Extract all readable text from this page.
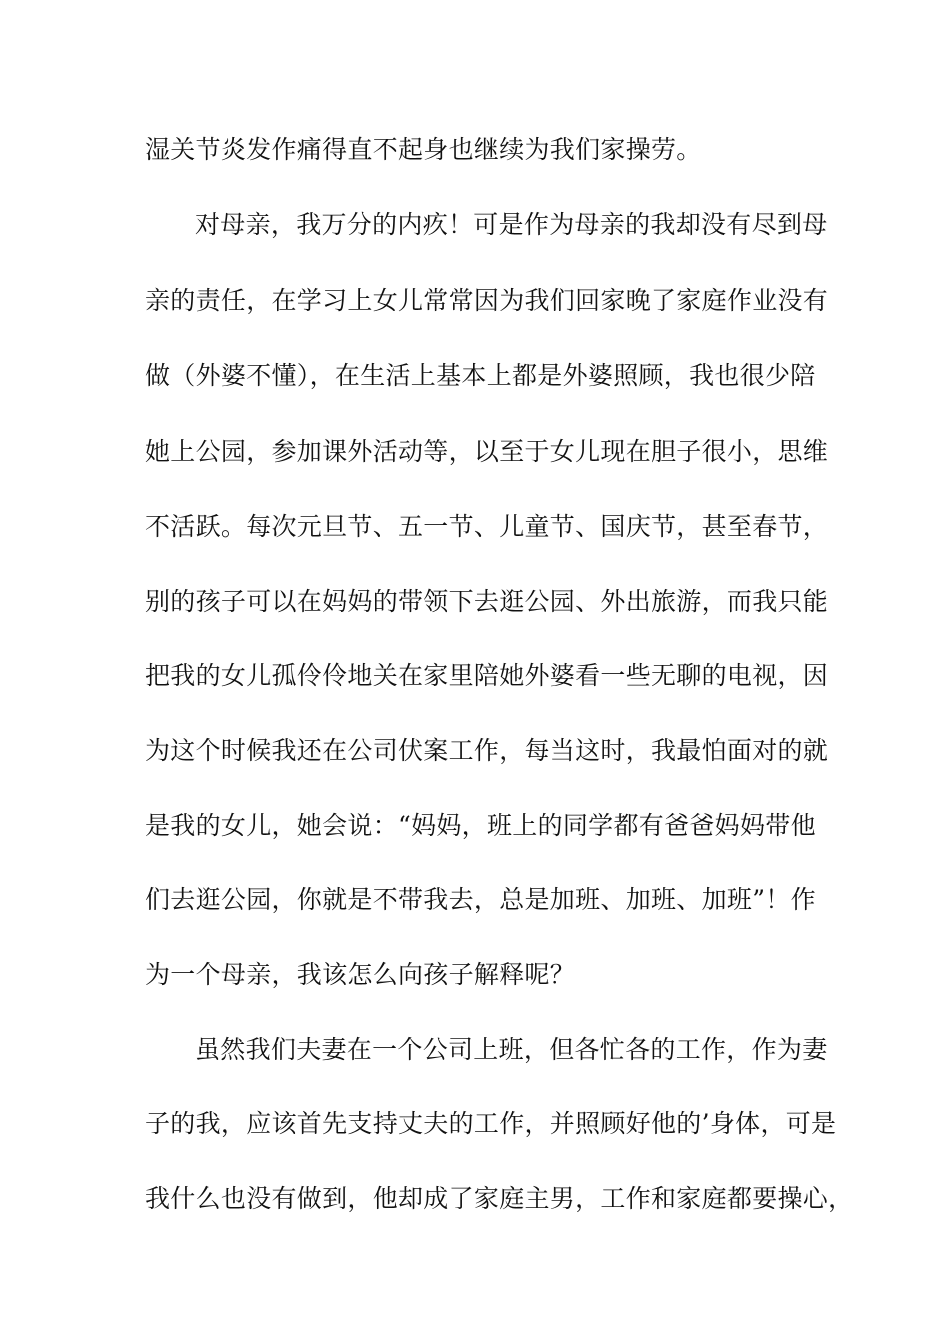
湿关节炎发作痛得直不起身也继续为我们家操劳。
对母亲，我万分的内疚！可是作为母亲的我却没有尽到母
亲的责任，在学习上女儿常常因为我们回家晚了家庭作业没有
做（外婆不懂），在生活上基本上都是外婆照顾，我也很少陪
她上公园，参加课外活动等，以至于女儿现在胆子很小，思维
不活跃。每次元旦节、五一节、儿童节、国庆节，甚至春节，
别的孩子可以在妈妈的带领下去逛公园、外出旅游，而我只能
把我的女儿孤伶伶地关在家里陪她外婆看一些无聊的电视，因
为这个时候我还在公司伏案工作，每当这时，我最怕面对的就
是我的女儿，她会说：“妈妈，班上的同学都有爸爸妈妈带他
们去逛公园，你就是不带我去，总是加班、加班、加班”！作
为一个母亲，我该怎么向孩子解释呢？
虽然我们夫妻在一个公司上班，但各忙各的工作，作为妻
子的我，应该首先支持丈夫的工作，并照顾好他的’身体，可是
我什么也没有做到，他却成了家庭主男，工作和家庭都要操心，
